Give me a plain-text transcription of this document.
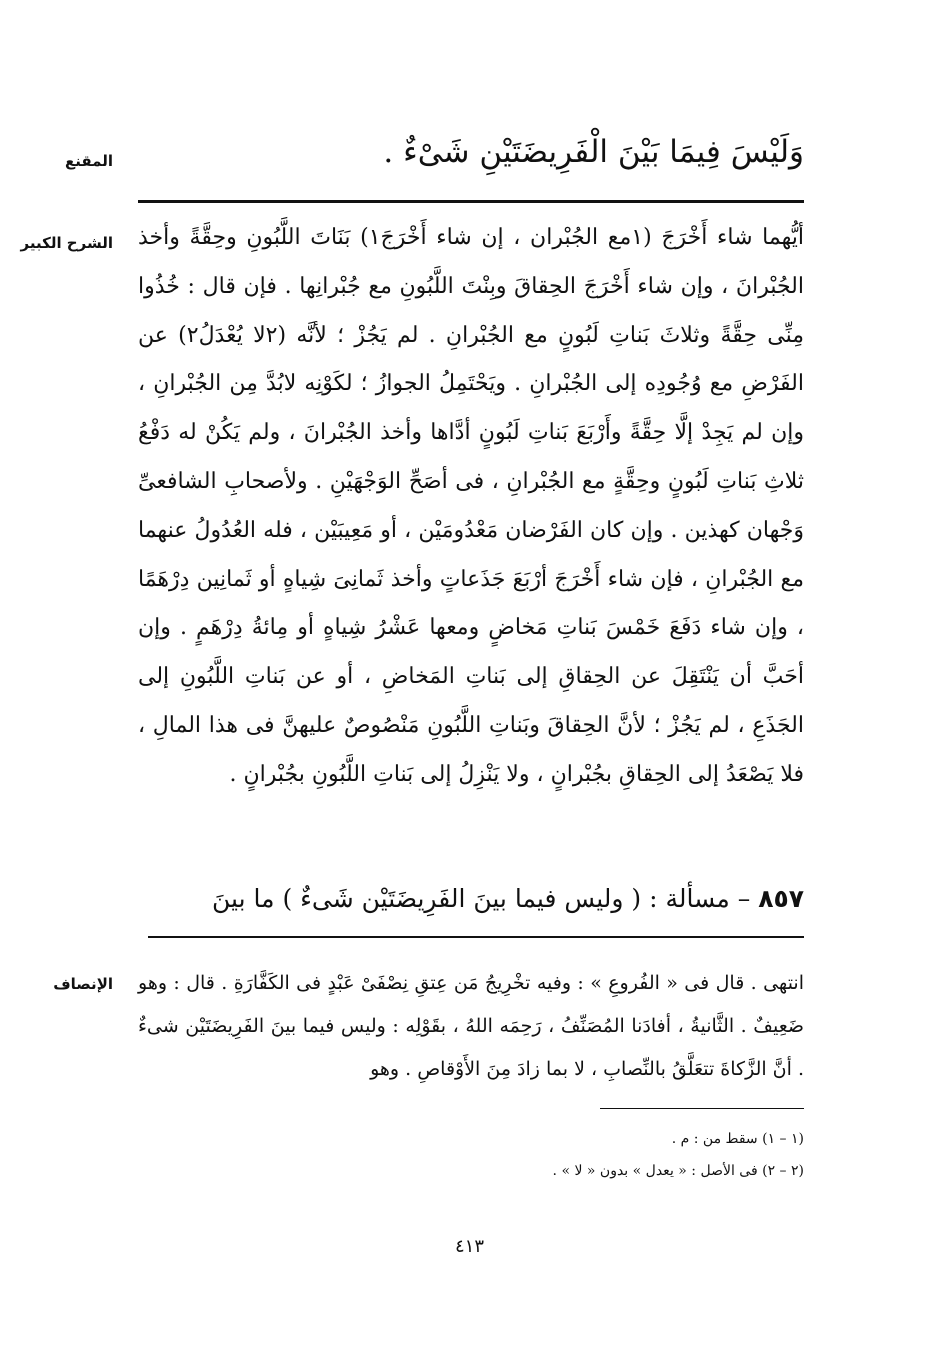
المقنع	وَلَيْسَ فِيمَا بَيْنَ الْفَرِيضَتَيْنِ شَىْءٌ .
الشرح الكبير أيُّهما شاء أَخْرَجَ (١مع الجُبْران ، إن شاء أَخْرَجَ١) بَنَاتَ اللَّبُونِ وحِقَّةً وأخذ الجُبْرانَ ، وإن شاء أَخْرَجَ الحِقاقَ وبِنْتَ اللَّبُونِ مع جُبْرانِها . فإن قال : خُذُوا مِنِّى حِقَّةً وثلاثَ بَناتِ لَبُونٍ مع الجُبْرانِ . لم يَجُزْ ؛ لأنَّه (٢لا يُعْدَلُ٢) عن الفَرْضِ مع وُجُودِه إلى الجُبْرانِ . ويَحْتَمِلُ الجوازُ ؛ لكَوْنِه لابُدَّ مِن الجُبْرانِ ، وإن لم يَجِدْ إلَّا حِقَّةً وأَرْبَعَ بَناتِ لَبُونٍ أدَّاها وأخذ الجُبْرانَ ، ولم يَكُنْ له دَفْعُ ثلاثِ بَناتِ لَبُونٍ وحِقَّةٍ مع الجُبْرانِ ، فى أصَحِّ الوَجْهَيْنِ . ولأصحابِ الشافعىِّ وَجْهان كهذين . وإن كان الفَرْضان مَعْدُومَيْن ، أو مَعِيبَيْن ، فله العُدُولُ عنهما مع الجُبْرانِ ، فإن شاء أَخْرَجَ أرْبَعَ جَذَعاتٍ وأخذ ثَمانِىَ شِياهٍ أو ثَمانِين دِرْهَمًا ، وإن شاء دَفَعَ خَمْسَ بَناتِ مَخاضٍ ومعها عَشْرُ شِياهٍ أو مِائةُ دِرْهَمٍ . وإن أحَبَّ أن يَنْتَقِلَ عن الحِقاقِ إلى بَناتِ المَخاضِ ، أو عن بَناتِ اللَّبُونِ إلى الجَذَعِ ، لم يَجُزْ ؛ لأنَّ الحِقاقَ وبَناتِ اللَّبُونِ مَنْصُوصٌ عليهنَّ فى هذا المالِ ، فلا يَصْعَدُ إلى الحِقاقِ بجُبْرانٍ ، ولا يَنْزِلُ إلى بَناتِ اللَّبُونِ بجُبْرانٍ .

٨٥٧ – مسألة : ( وليس فيما بينَ الفَرِيضَتَيْن شَىءٌ ) ما بينَ
الإنصاف انتهى . قال فى « الفُروعِ » : وفيه تخْرِيجُ مَن عِتقِ نِصْفَىْ عَبْدٍ فى الكَفَّارَةِ . قال : وهو ضَعِيفٌ . الثَّانيةُ ، أفادَنا المُصَنِّفُ ، رَحِمَه اللهُ ، بقَوْلِه : وليس فيما بينَ الفَرِيضَتَيْن شىءٌ . أنَّ الزَّكاةَ تتعَلَّقُ بالنِّصابِ ، لا بما زادَ مِنَ الأَوْقاصِ . وهو

(١ – ١) سقط من : م .
(٢ – ٢) فى الأصل : « يعدل » بدون « لا » .
٤١٣
